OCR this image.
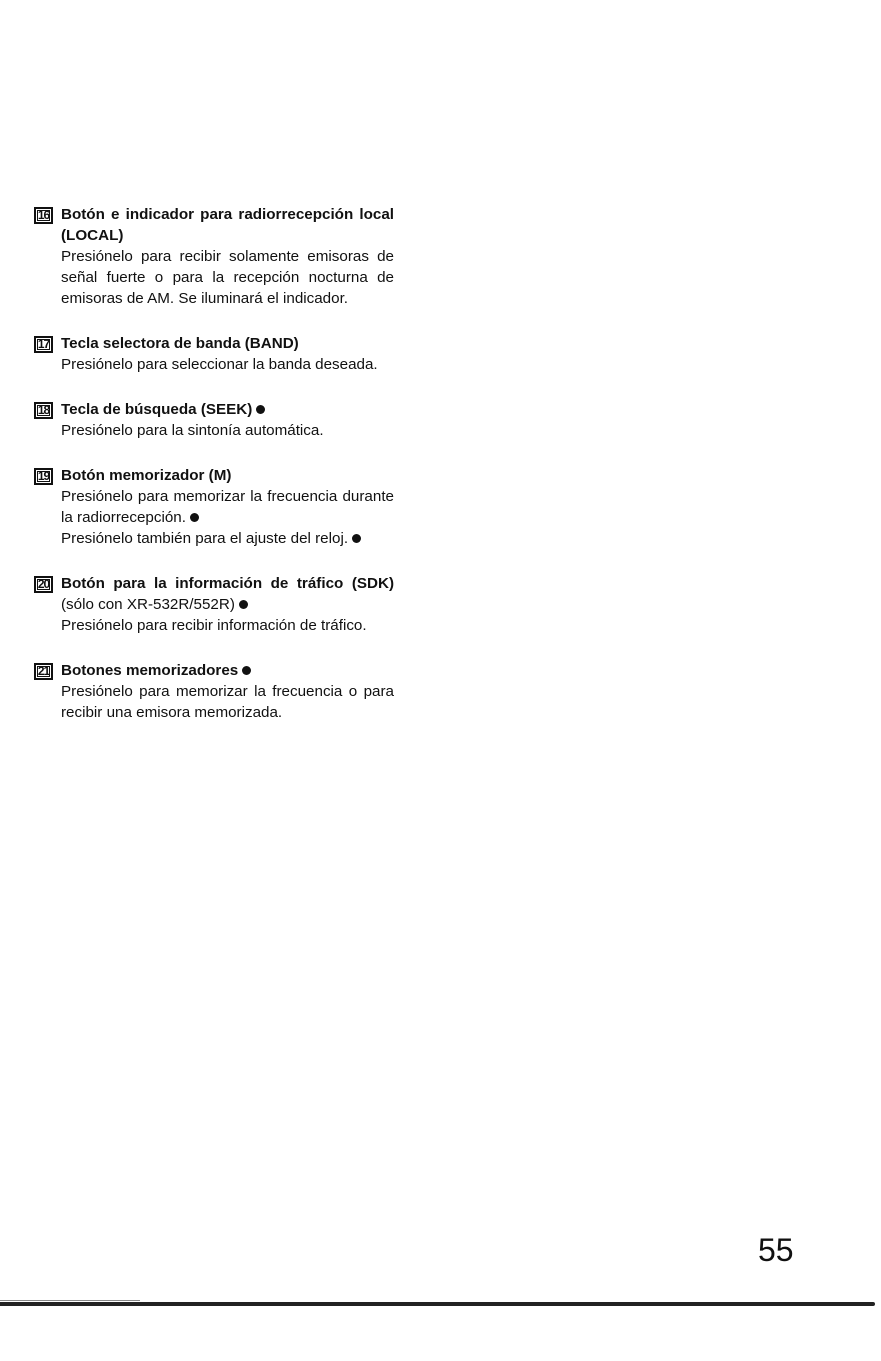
16 Botón e indicador para radiorrecepción local (LOCAL)
Presiónelo para recibir solamente emisoras de señal fuerte o para la recepción nocturna de emisoras de AM. Se iluminará el indicador.
17 Tecla selectora de banda (BAND)
Presiónelo para seleccionar la banda deseada.
18 Tecla de búsqueda (SEEK)
Presiónelo para la sintonía automática.
19 Botón memorizador (M)
Presiónelo para memorizar la frecuencia durante la radiorrecepción.
Presiónelo también para el ajuste del reloj.
20 Botón para la información de tráfico (SDK) (sólo con XR-532R/552R)
Presiónelo para recibir información de tráfico.
21 Botones memorizadores
Presiónelo para memorizar la frecuencia o para recibir una emisora memorizada.
55
